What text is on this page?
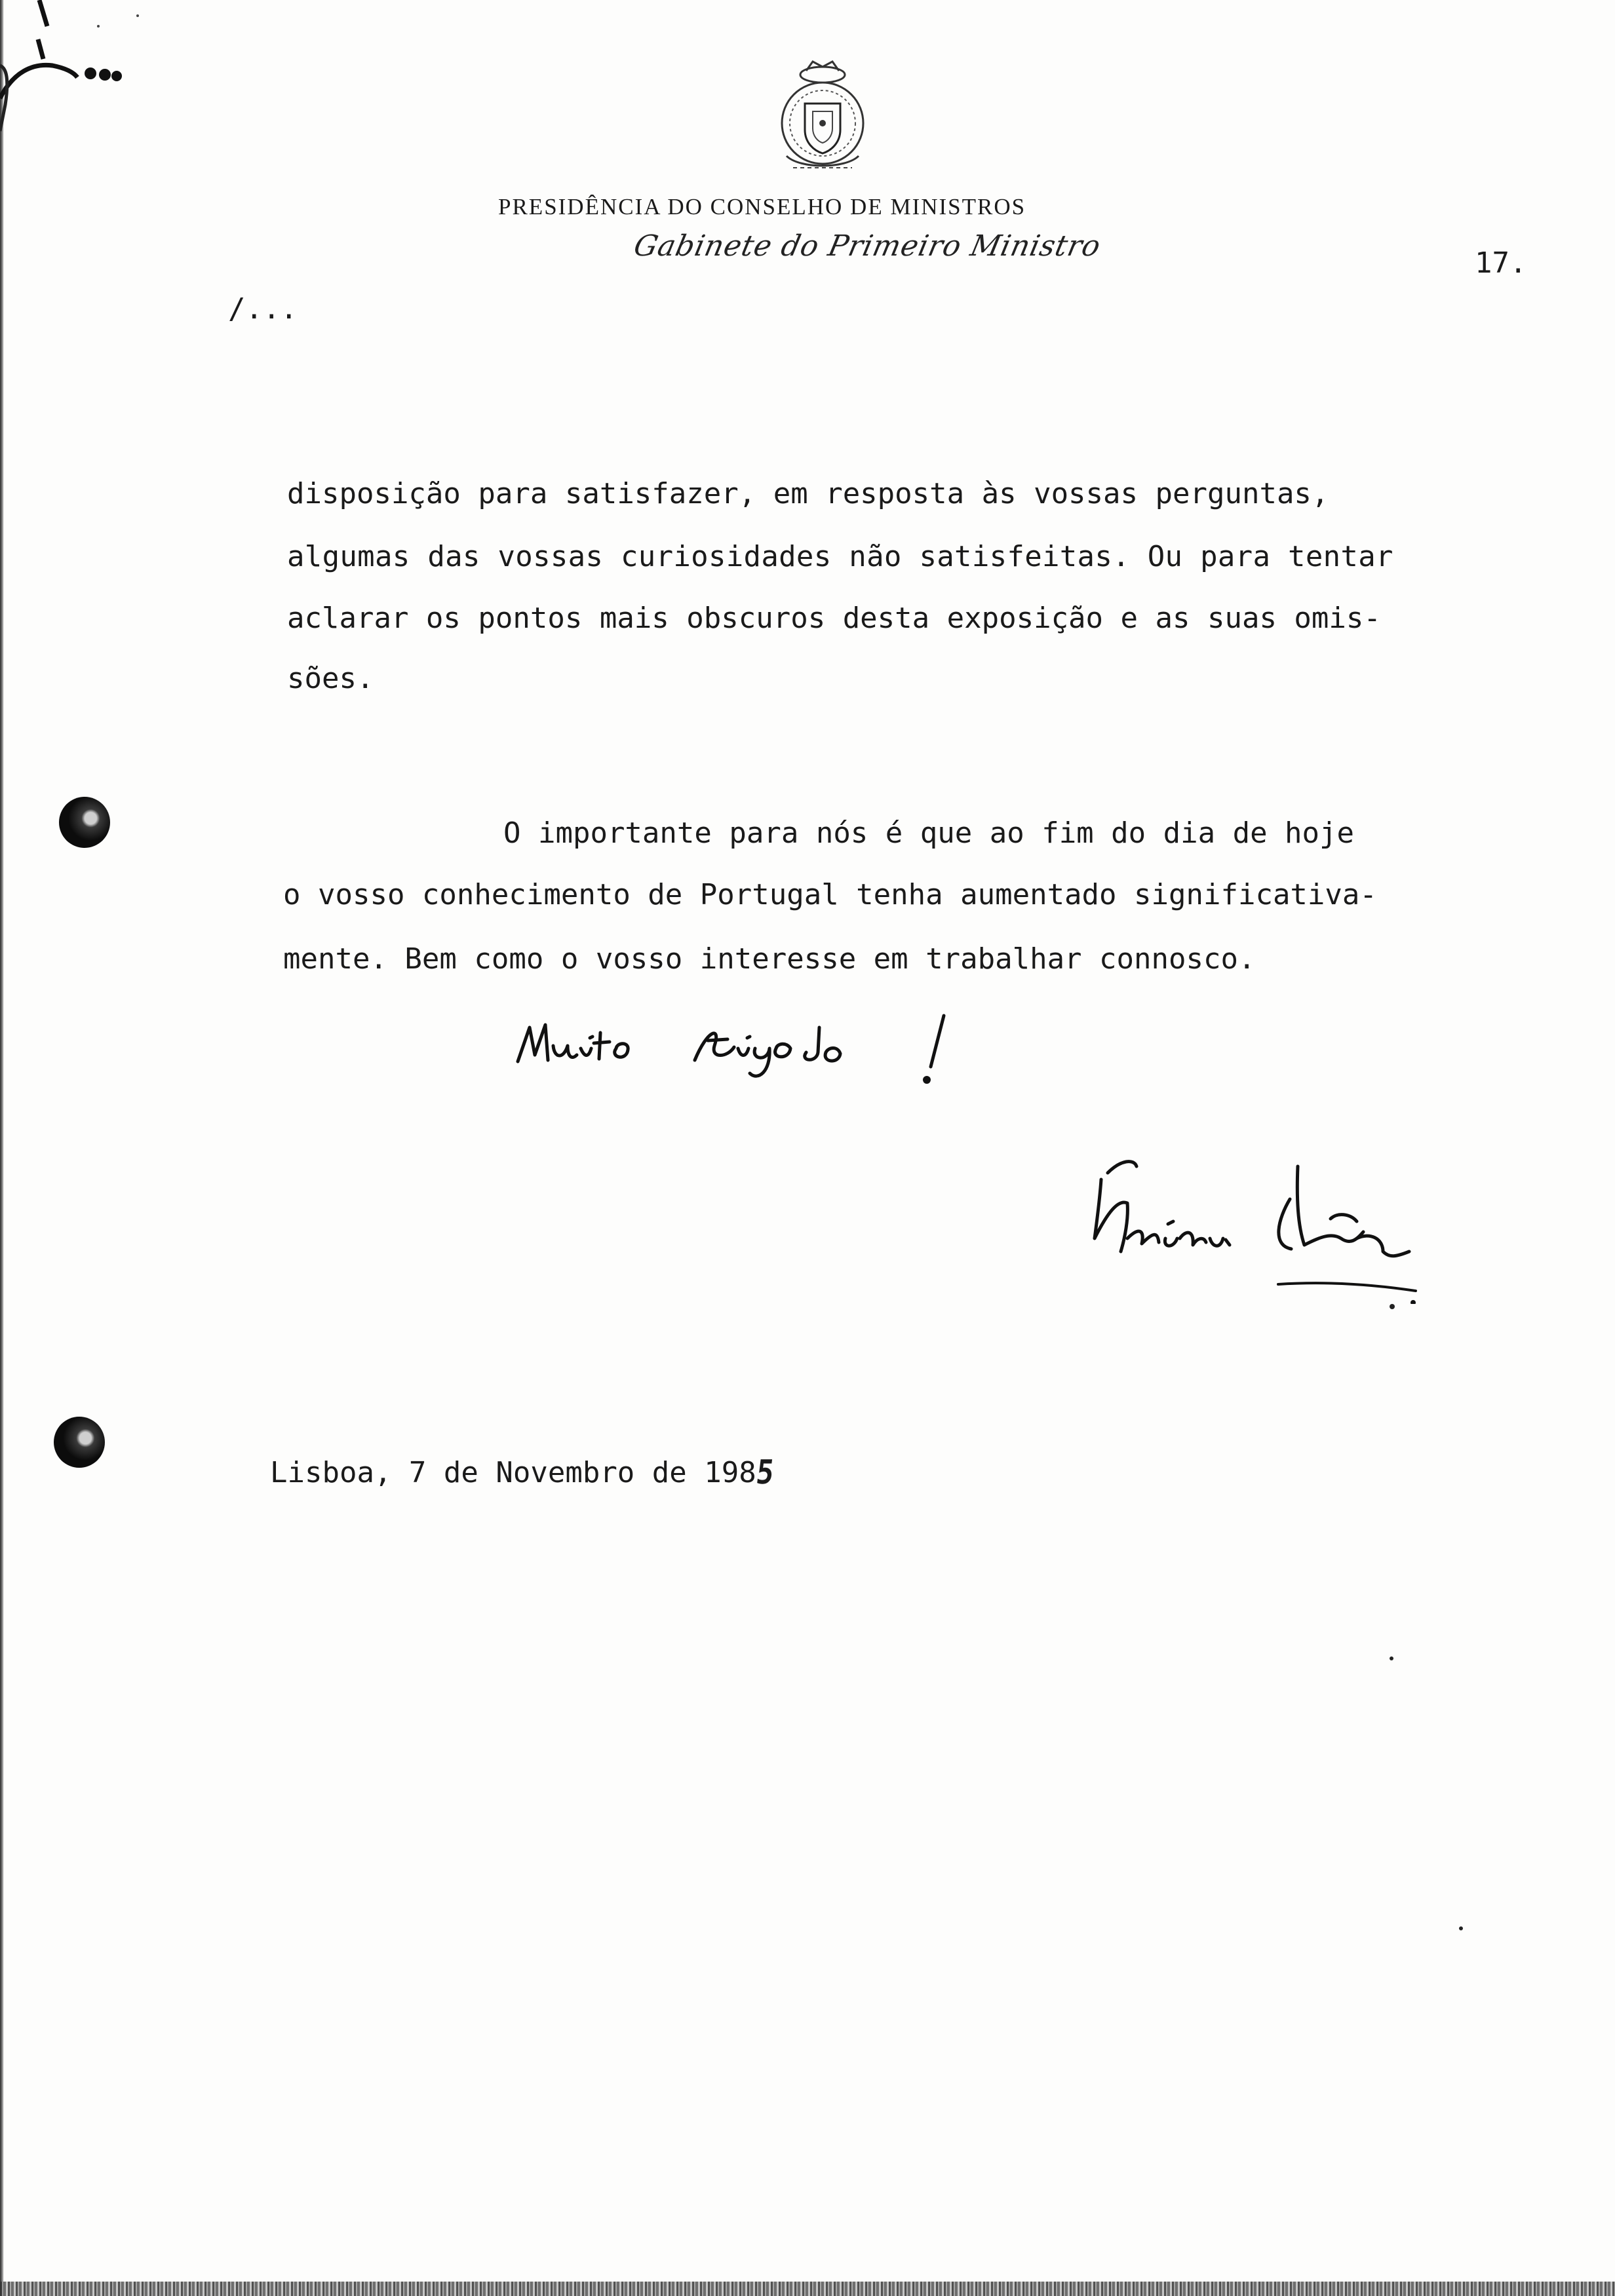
PRESIDÊNCIA DO CONSELHO DE MINISTROS
Gabinete do Primeiro Ministro
17.
/...
disposição para satisfazer, em resposta às vossas perguntas,
algumas das vossas curiosidades não satisfeitas. Ou para tentar
aclarar os pontos mais obscuros desta exposição e as suas omis-
sões.
O importante para nós é que ao fim do dia de hoje
o vosso conhecimento de Portugal tenha aumentado significativa-
mente. Bem como o vosso interesse em trabalhar connosco.
Lisboa, 7 de Novembro de 1985
